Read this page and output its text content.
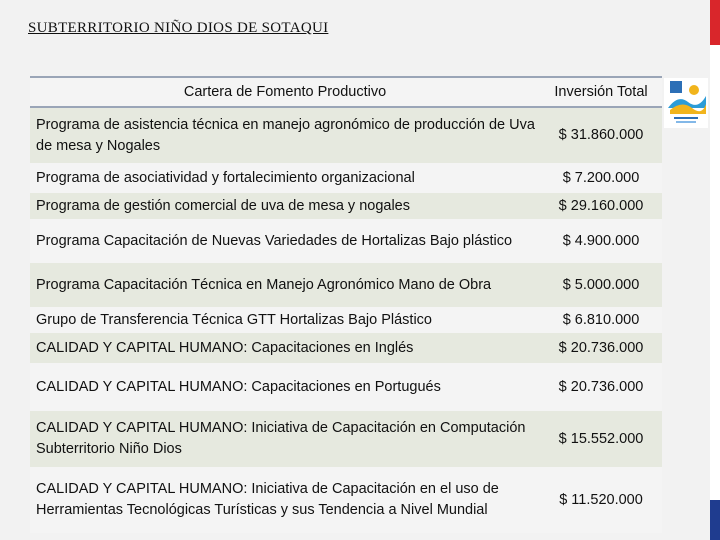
SUBTERRITORIO NIÑO DIOS DE SOTAQUI
Cartera de Fomento Productivo	Inversión Total
Programa de asistencia técnica en manejo agronómico de producción de Uva de mesa y Nogales	$ 31.860.000
Programa de asociatividad y fortalecimiento organizacional	$ 7.200.000
Programa de gestión comercial de uva de mesa y nogales	$ 29.160.000
Programa Capacitación de Nuevas Variedades de Hortalizas Bajo plástico	$ 4.900.000
Programa Capacitación Técnica en Manejo Agronómico Mano de Obra	$ 5.000.000
Grupo de Transferencia Técnica GTT Hortalizas Bajo Plástico	$ 6.810.000
CALIDAD Y CAPITAL HUMANO: Capacitaciones en Inglés	$ 20.736.000
CALIDAD Y CAPITAL HUMANO: Capacitaciones en Portugués	$ 20.736.000
CALIDAD Y CAPITAL HUMANO: Iniciativa de Capacitación en Computación Subterritorio Niño Dios	$ 15.552.000
CALIDAD Y CAPITAL HUMANO: Iniciativa de Capacitación en el uso de Herramientas Tecnológicas Turísticas y sus Tendencia a Nivel Mundial	$ 11.520.000
